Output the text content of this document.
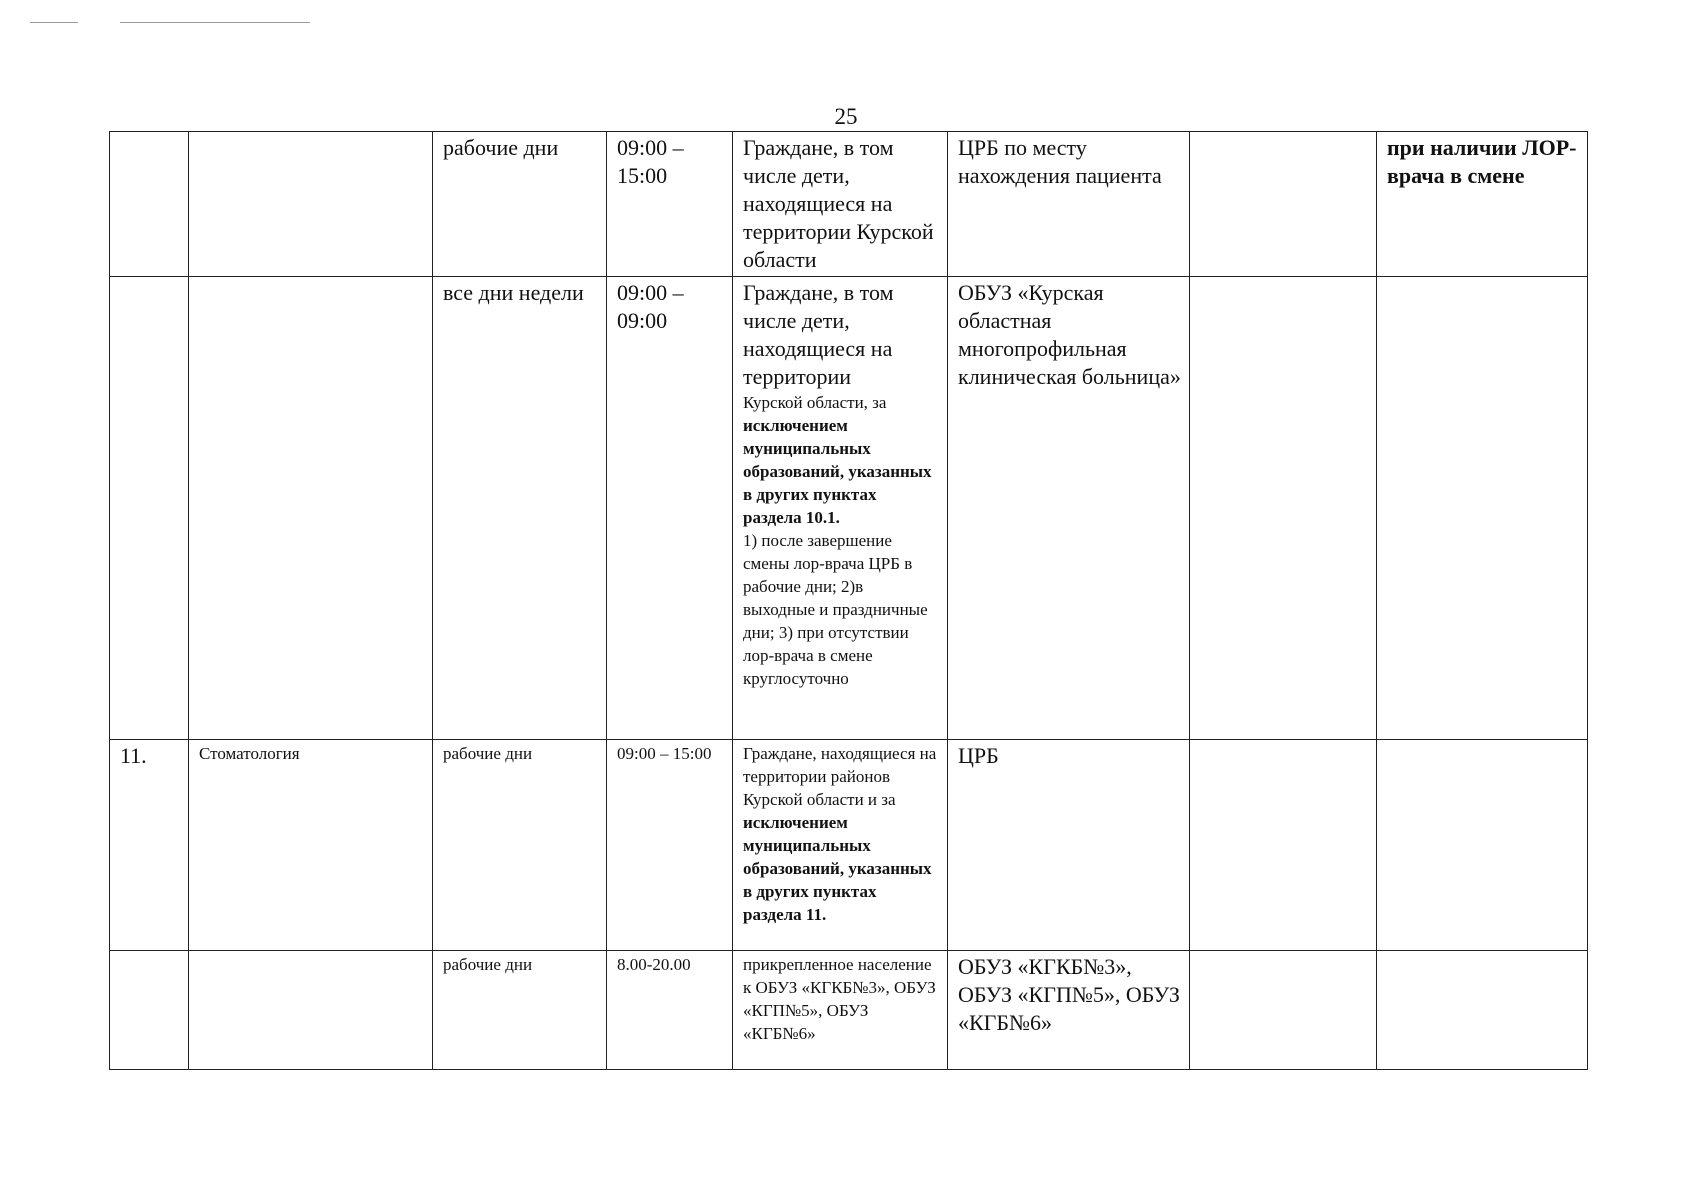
25
		рабочие дни	09:00 – 15:00	Граждане, в том числе дети, находящиеся на территории Курской области	ЦРБ по месту нахождения пациента		при наличии ЛОР-врача в смене
		все дни недели	09:00 – 09:00	Граждане, в том числе дети, находящиеся на территории
Курской области, за
исключением муниципальных образований, указанных в других пунктах раздела 10.1.
1) после завершение смены лор-врача ЦРБ в рабочие дни; 2)в выходные и праздничные дни; 3) при отсутствии лор-врача в смене круглосуточно	ОБУЗ «Курская областная многопрофильная клиническая больница»		
11.	Стоматология	рабочие дни	09:00 – 15:00	Граждане, находящиеся на территории районов Курской области и за
исключением муниципальных образований, указанных в других пунктах раздела 11.	ЦРБ		
		рабочие дни	8.00-20.00	прикрепленное население к ОБУЗ «КГКБ№3», ОБУЗ «КГП№5», ОБУЗ «КГБ№6»	ОБУЗ «КГКБ№3», ОБУЗ «КГП№5», ОБУЗ «КГБ№6»		
